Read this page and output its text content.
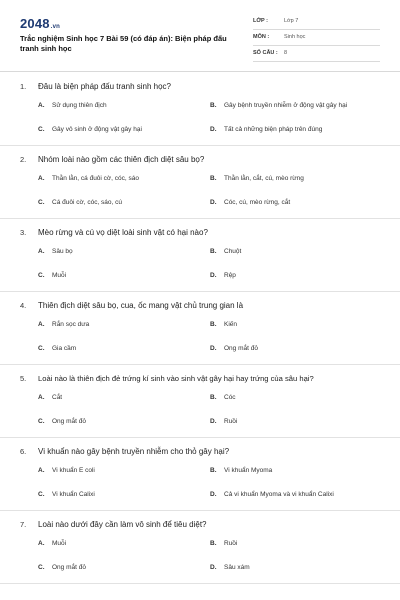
2048.vn
Trắc nghiệm Sinh học 7 Bài 59 (có đáp án): Biện pháp đấu tranh sinh học
LỚP :	Lớp 7
MÔN :	Sinh học
SỐ CÂU : 8
1. Đâu là biện pháp đấu tranh sinh học?
A. Sử dụng thiên địch	B. Gây bệnh truyền nhiễm ở động vật gây hại
C. Gây vô sinh ở động vật gây hại	D. Tất cả những biện pháp trên đúng
2. Nhóm loài nào gồm các thiên địch diệt sâu bọ?
A. Thằn lằn, cá đuôi cờ, cóc, sáo	B. Thằn lằn, cắt, cú, mèo rừng
C. Cá đuôi cờ, cóc, sáo, cú	D. Cóc, cú, mèo rừng, cắt
3. Mèo rừng và cú vọ diệt loài sinh vật có hại nào?
A. Sâu bọ	B. Chuột
C. Muỗi	D. Rệp
4. Thiên địch diệt sâu bọ, cua, ốc mang vật chủ trung gian là
A. Rắn sọc dưa	B. Kiến
C. Gia cầm	D. Ong mắt đỏ
5. Loài nào là thiên địch đẻ trứng kí sinh vào sinh vật gây hại hay trứng của sâu hại?
A. Cắt	B. Cóc
C. Ong mắt đỏ	D. Ruồi
6. Vi khuẩn nào gây bệnh truyền nhiễm cho thỏ gây hại?
A. Vi khuẩn E coli	B. Vi khuẩn Myoma
C. Vi khuẩn Calixi	D. Cả vi khuẩn Myoma và vi khuẩn Calixi
7. Loài nào dưới đây cần làm vô sinh để tiêu diệt?
A. Muỗi	B. Ruồi
C. Ong mắt đỏ	D. Sâu xám
